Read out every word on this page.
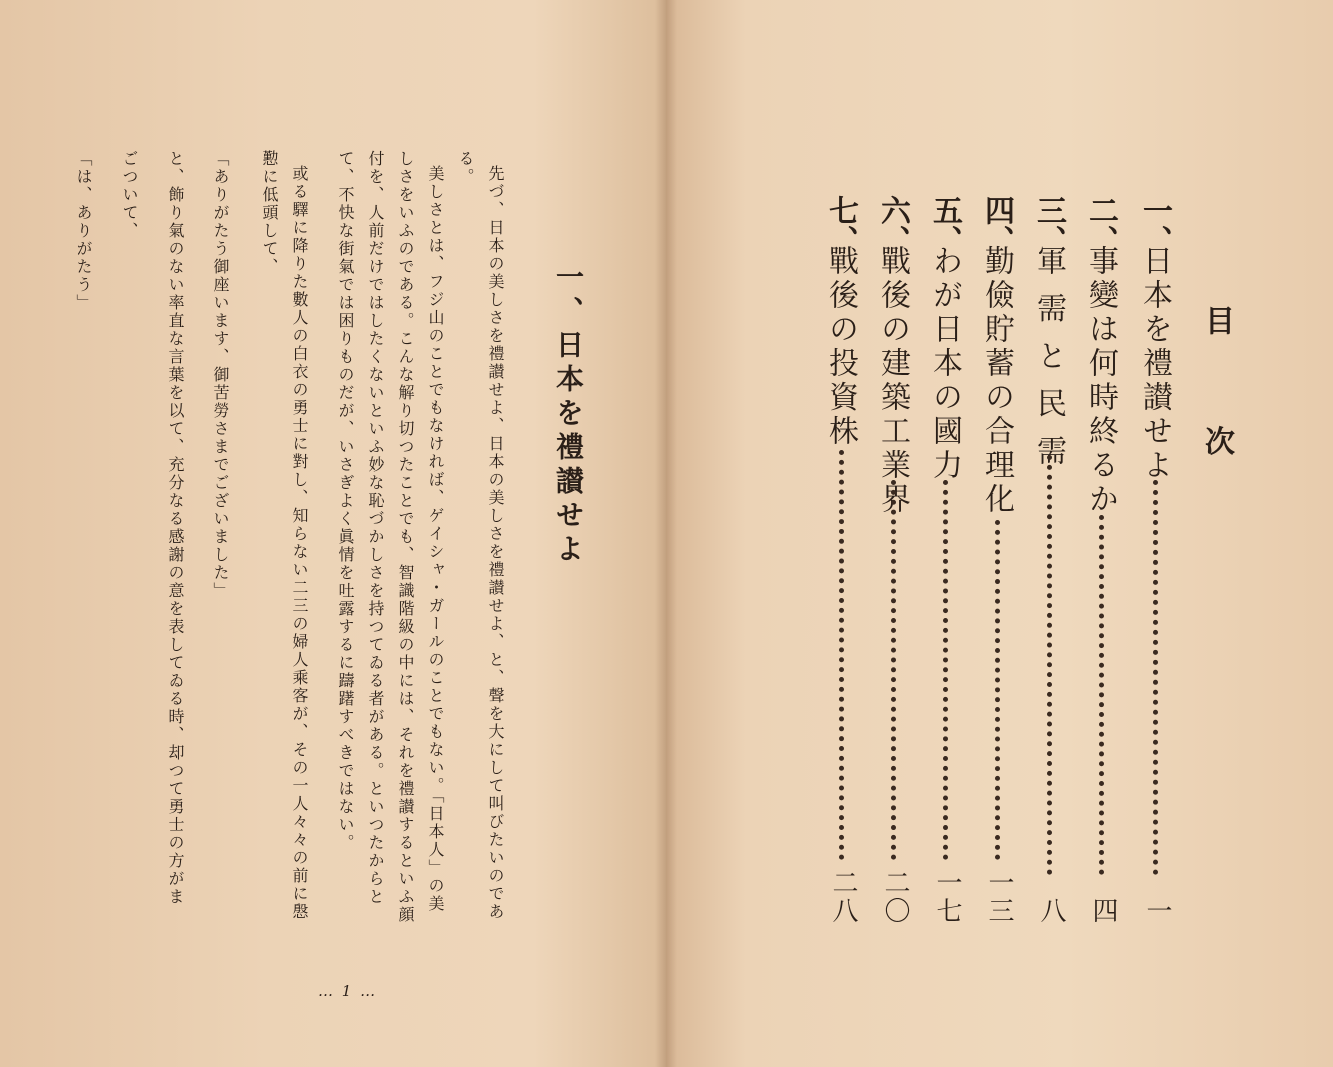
一、日本を禮讃せよ
先づ、日本の美しさを禮讃せよ、日本の美しさを禮讃せよ、と、聲を大にして叫びたいのであ
る。
美しさとは、フジ山のことでもなければ、ゲイシャ・ガールのことでもない。「日本人」の美
しさをいふのである。こんな解り切つたことでも、智識階級の中には、それを禮讃するといふ顔
付を、人前だけではしたくないといふ妙な恥づかしさを持つてゐる者がある。といつたからと
て、不快な街氣では困りものだが、いさぎよく眞情を吐露するに躊躇すべきではない。
或る驛に降りた數人の白衣の勇士に對し、知らない二三の婦人乘客が、その一人々々の前に慇
懃に低頭して、
「ありがたう御座います、御苦勞さまでございました」
と、飾り氣のない率直な言葉を以て、充分なる感謝の意を表してゐる時、却つて勇士の方がま
ごついて、
「は、ありがたう」
… 1 …
目 次
一、
日本を禮讃せよ
一
二、
事變は何時終るか
四
三、
軍 需 と 民 需
八
四、
勤儉貯蓄の合理化
一三
五、
わが日本の國力
一七
六、
戰後の建築工業界
二〇
七、
戰後の投資株
二八
